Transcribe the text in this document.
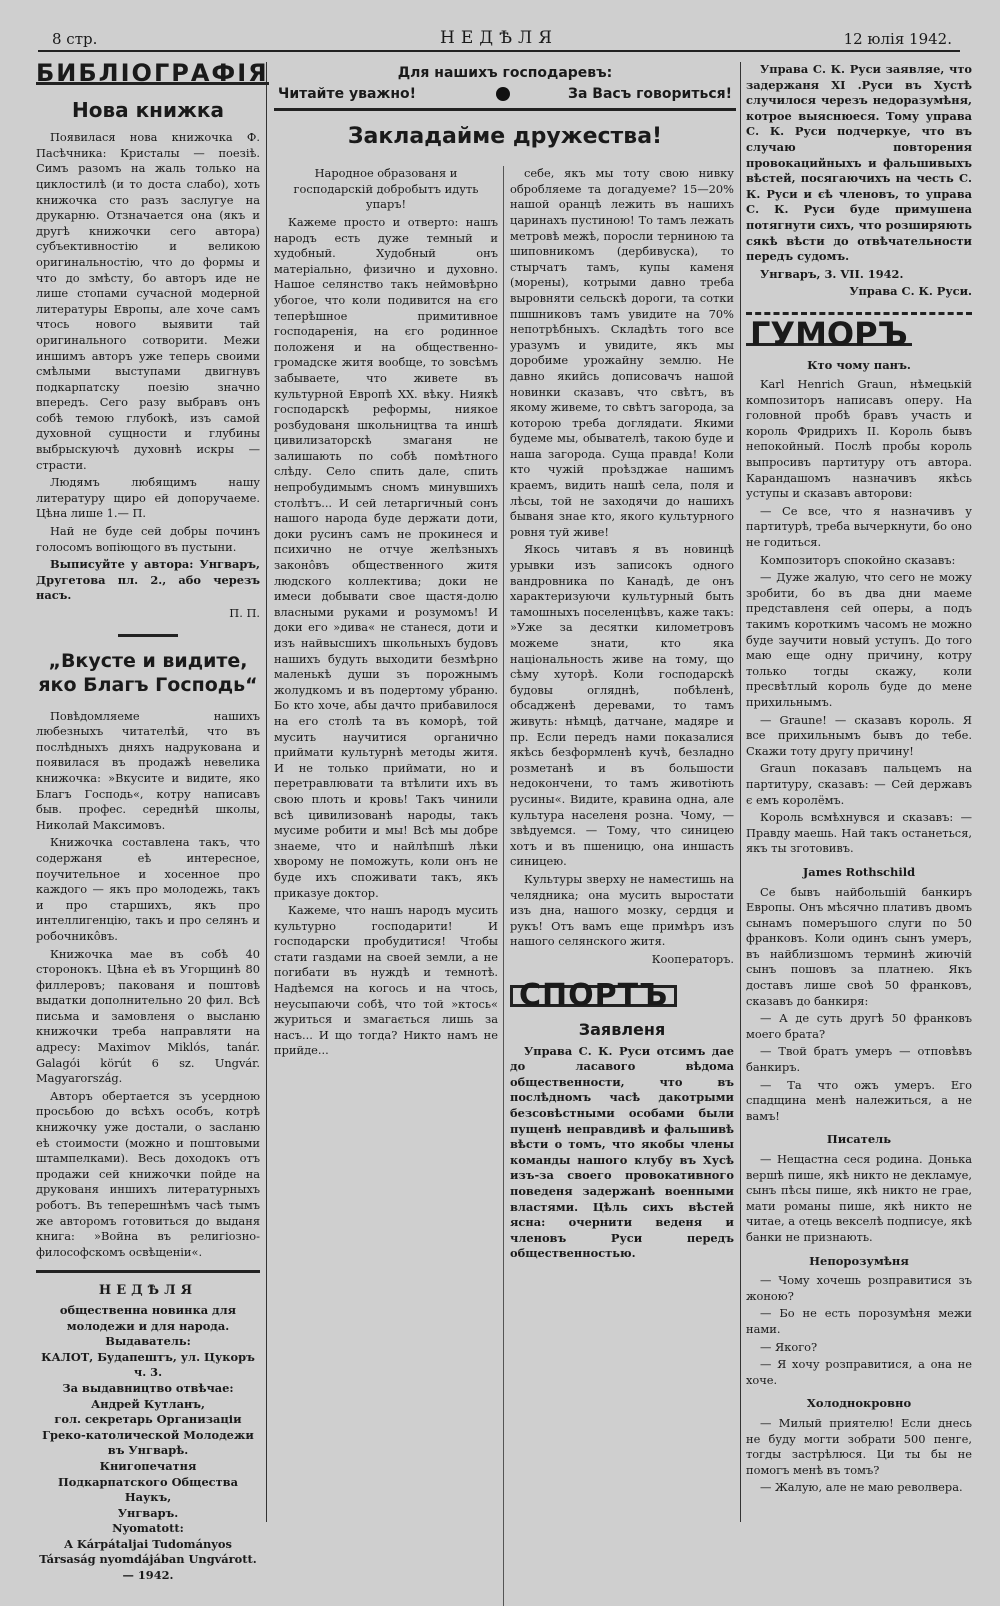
8 стр.	НЕДѢЛЯ	12 юлія 1942.
БИБЛІОГРАФІЯ
Нова книжка

Появилася нова книжочка Ф. Пасѣчника: Кристалы — поезіѣ. Симъ разомъ на жаль только на циклостилѣ (и то доста слабо), хоть книжочка сто разъ заслугуе на друкарню. Отзначается она (якъ и другѣ книжочки сего автора) субъективностію и великою оригинальностію, что до формы и что до змѣсту, бо авторъ иде не лише стопами сучасной модерной литературы Европы, але хоче самъ чтось нового выявити тай оригинального сотворити. Межи иншимъ авторъ уже теперь своими смѣлыми выступами двигнувъ подкарпатску поезію значно впередъ. Сего разу выбравъ онъ собѣ темою глубокѣ, изъ самой духовной сущности и глубины выбрыскуючѣ духовнѣ искры — страсти.

Людямъ любящимъ нашу литературу щиро ей допоручаеме. Цѣна лише 1.— П.

Най не буде сей добры починъ голосомъ вопіющого въ пустыни.

Выписуйте у автора: Унгваръ, Другетова пл. 2., або черезъ насъ.

П. П.

„Вкусте и видите, яко Благъ Господь“

Повѣдомляеме нашихъ любезныхъ читателѣй, что въ послѣдныхъ дняхъ надрукована и появилася въ продажѣ невелика книжочка: »Вкусите и видите, яко Благъ Господь«, котру написавъ быв. профес. середнѣй школы, Николай Максимовъ.

Книжочка составлена такъ, что содержаня еѣ интересное, поучительное и хосенное про каждого — якъ про молодежь, такъ и про старшихъ, якъ про интеллигенцію, такъ и про селянъ и робочникôвъ.

Книжочка мае въ собѣ 40 сторонокъ. Цѣна еѣ въ Угорщинѣ 80 филлеровъ; пакованя и поштовѣ выдатки дополнительно 20 фил. Всѣ письма и замовленя о высланю книжочки треба направляти на адресу: Maximov Miklós, tanár. Galagói körút 6 sz. Ungvár. Magyarország.

Авторъ обертается зъ усердною просьбою до всѣхъ особъ, котрѣ книжочку уже достали, о засланю еѣ стоимости (можно и поштовыми штампелками). Весь доходокъ отъ продажи сей книжочки пойде на друкованя иншихъ литературныхъ роботъ. Въ теперешнѣмъ часѣ тымъ же авторомъ готовиться до выданя книга: »Война въ религіозно-философскомъ освѣщеніи«.

НЕДѢЛЯ
общественна новинка для молодежи и для народа.
Выдаватель:
КАЛОТ, Будапештъ, ул. Цукоръ ч. 3.
За выдавництво отвѣчае:
Андрей Кутланъ,
гол. секретарь Организаціи Греко-католической Молодежи въ Унгварѣ.
Книгопечатня
Подкарпатского Общества Наукъ,
Унгваръ.
Nyomatott:
A Kárpátaljai Tudományos Társaság nyomdájában Ungvárott. — 1942.
Для нашихъ господаревъ:
Читайте уважно!	За Васъ говориться!
Закладайме дружества!

Народное образованя и господарскій добробытъ идуть упаръ!

Кажеме просто и отверто: нашъ народъ есть дуже темный и худобный. Худобный онъ матеріально, физично и духовно. Нашое селянство такъ неймовѣрно убогое, что коли подивится на єго теперѣшное примитивное господаренія, на єго родинное положеня и на общественно-громадске житя вообще, то зовсѣмъ забываете, что живете въ культурной Европѣ XX. вѣку. Ниякѣ господарскѣ реформы, ниякое розбудованя школьництва та иншѣ цивилизаторскѣ змаганя не залишають по собѣ помѣтного слѣду. Село спить дале, спить непробудимымъ сномъ минувшихъ столѣтъ... И сей летаргичный сонъ нашого народа буде держати доти, доки русинъ самъ не прокинеся и психично не отчуе желѣзныхъ законôвъ общественного житя людского коллектива; доки не имеси добывати свое щастя-долю власными руками и розумомъ! И доки его »дива« не станеся, доти и изъ найвысшихъ школьныхъ будовъ нашихъ будуть выходити безмѣрно маленькѣ души зъ порожнымъ жолудкомъ и въ подертому убраню. Бо кто хоче, абы дачто прибавилося на его столѣ та въ коморѣ, той мусить научитися органично приймати культурнѣ методы житя. И не только приймати, но и перетравлювати та втѣлити ихъ въ свою плоть и кровь! Такъ чинили всѣ цивилизованѣ народы, такъ мусиме робити и мы! Всѣ мы добре знаеме, что и найлѣпшѣ лѣки хворому не поможуть, коли онъ не буде ихъ споживати такъ, якъ приказуе доктор.

Кажеме, что нашъ народъ мусить культурно господарити! И господарски пробудитися! Чтобы стати газдами на своей земли, а не погибати въ нуждѣ и темнотѣ. Надѣемся на когось и на чтось, неусыпаючи собѣ, что той »ктось« журиться и змагається лишь за насъ... И що тогда? Никто намъ не прийде...

себе, якъ мы тоту свою нивку обробляеме та догадуеме? 15—20% нашой оранцѣ лежить въ нашихъ царинахъ пустиною! То тамъ лежать метровѣ межѣ, поросли терниною та шиповникомъ (дербивуска), то стырчатъ тамъ, купы каменя (морены), котрыми давно треба выровняти сельскѣ дороги, та сотки пшшниковъ тамъ увидите на 70% непотрѣбныхъ. Складѣть того все уразумъ и увидите, якъ мы доробиме урожайну землю. Не давно якийсь дописовачъ нашой новинки сказавъ, что свѣтъ, въ якому живеме, то свѣтъ загорода, за которою треба доглядати. Якими будеме мы, обывателѣ, такою буде и наша загорода. Суща правда! Коли кто чужій проѣзджае нашимъ краемъ, видить нашѣ села, поля и лѣсы, той не заходячи до нашихъ бываня знае кто, якого культурного ровня туй живе!

Якось читавъ я въ новинцѣ урывки изъ записокъ одного вандровника по Канадѣ, де онъ характеризуючи культурный быть тамошныхъ поселенцѣвъ, каже такъ: »Уже за десятки километровъ можеме знати, кто яка національность живе на тому, що сѣму хуторѣ. Коли господарскѣ будовы огляднѣ, побѣленѣ, обсадженѣ деревами, то тамъ живуть: нѣмцѣ, датчане, мадяре и пр. Если передъ нами показалися якѣсь безформленѣ кучѣ, безладно розметанѣ и въ большости недокончени, то тамъ животіють русины«. Видите, кравина одна, але культура населеня розна. Чому, — звѣдуемся. — Тому, что синицею хотъ и въ пшеницю, она иншасть синицею.

Культуры зверху не наместишь на челядника; она мусить выростати изъ дна, нашого мозку, сердця и рукъ! Отъ вамъ еще примѣръ изъ нашого селянского житя.

Кооператоръ.

СПОРТЪ
Заявленя

Управа С. К. Руси отсимъ дае до ласавого вѣдома общественности, что въ послѣдномъ часѣ дакотрыми безсовѣстными особами были пущенѣ неправдивѣ и фальшивѣ вѣсти о томъ, что якобы члены команды нашого клубу въ Хусѣ изъ-за своего провокативного поведеня задержанѣ военными властями. Цѣль сихъ вѣстей ясна: очернити веденя и членовъ Руси передъ общественностью.

Управа С. К. Руси заявляе, что задержаня XI .Руси въ Хустѣ случилося черезъ недоразумѣня, котрое выяснюеся. Тому управа С. К. Руси подчеркуе, что въ случаю повторения провокацийныхъ и фальшивыхъ вѣстей, посягаючихъ на честь С. К. Руси и єѣ членовъ, то управа С. К. Руси буде примушена потягнути сихъ, что розширяють сякѣ вѣсти до отвѣчательности передъ судомъ.

Унгваръ, 3. VII. 1942.

Управа С. К. Руси.

ГУМОРЪ
Кто чому панъ.

Karl Henrich Graun, нѣмецькій композиторъ написавъ оперу. На головной пробѣ бравъ участь и король Фридрихъ II. Король бывъ непокойный. Послѣ пробы король выпросивъ партитуру отъ автора. Карандашомъ назначивъ якѣсь уступы и сказавъ авторови:

— Се все, что я назначивъ у партитурѣ, треба вычеркнути, бо оно не годиться.

Композиторъ спокойно сказавъ:

— Дуже жалую, что сего не можу зробити, бо въ два дни маеме представленя сей оперы, а подъ такимъ короткимъ часомъ не можно буде заучити новый уступъ. До того маю еще одну причину, котру только тогды скажу, коли пресвѣтлый король буде до мене прихильнымъ.

— Graune! — сказавъ король. Я все прихильнымъ бывъ до тебе. Скажи тоту другу причину!

Graun показавъ пальцемъ на партитуру, сказавъ: — Сей державъ є емъ королёмъ.

Король всмѣхнувся и сказавъ: — Правду маешь. Най такъ останеться, якъ ты зготовивъ.

James Rothschild

Се бывъ найбольшій банкиръ Европы. Онъ мѣсячно плативъ двомъ сынамъ померъшого слуги по 50 франковъ. Коли одинъ сынъ умеръ, въ найблизшомъ терминѣ жиючій сынъ пошовъ за платнею. Якъ доставъ лише своѣ 50 франковъ, сказавъ до банкиря:

— А де суть другѣ 50 франковъ моего брата?

— Твой братъ умеръ — отповѣвъ банкиръ.

— Та что ожъ умеръ. Его спадщина менѣ належиться, а не вамъ!

Писатель

— Нещастна сеся родина. Донька вершѣ пише, якѣ никто не декламуе, сынъ пѣсы пише, якѣ никто не грае, мати романы пише, якѣ никто не читае, а отець векселѣ подписуе, якѣ банки не признають.

Непорозумѣня

— Чому хочешь розправитися зъ жоною?

— Бо не есть порозумѣня межи нами.

— Якого?

— Я хочу розправитися, а она не хоче.

Холоднокровно

— Милый приятелю! Если днесь не буду могти зобрати 500 пенге, тогды застрѣлюся. Ци ты бы не помогъ менѣ въ томъ?

— Жалую, але не маю револвера.
